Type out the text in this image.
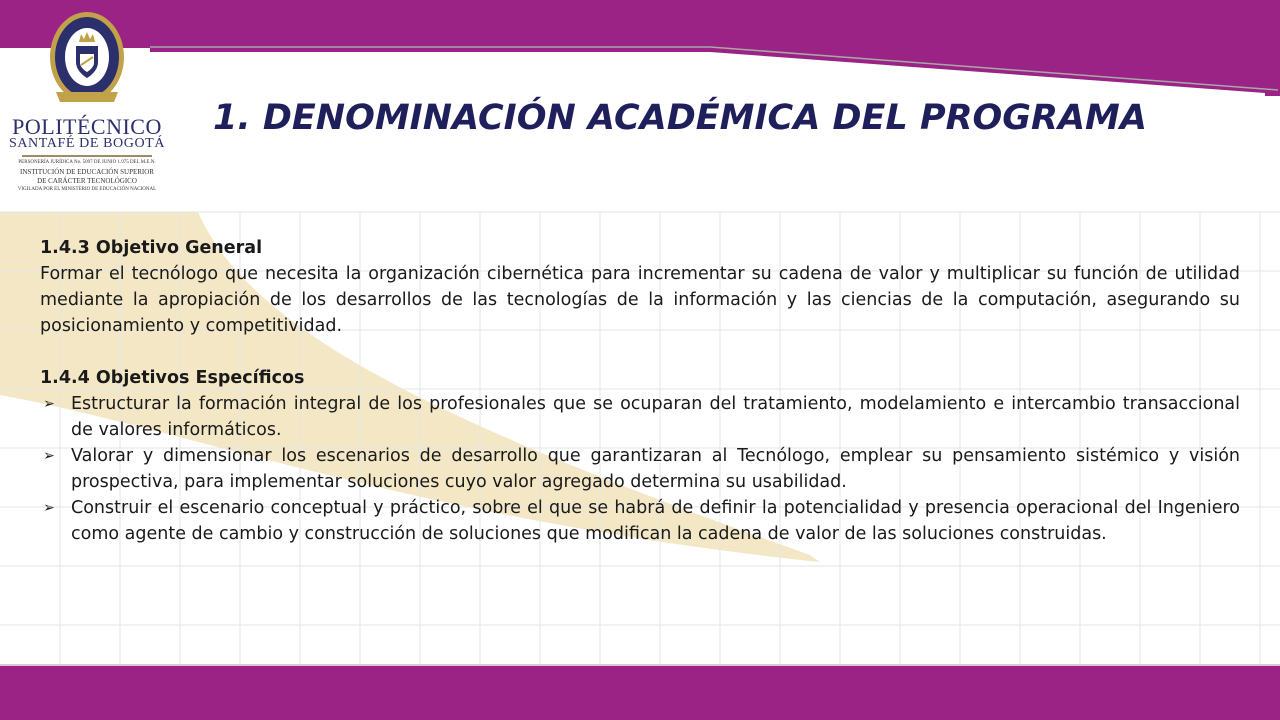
POLITÉCNICO
SANTAFÉ DE BOGOTÁ
PERSONERÍA JURÍDICA No. 5097 DE JUNIO 1.975 DEL M.E.N.
INSTITUCIÓN DE EDUCACIÓN SUPERIOR
DE CARÁCTER TECNOLÓGICO
VIGILADA POR EL MINISTERIO DE EDUCACIÓN NACIONAL
1. DENOMINACIÓN ACADÉMICA DEL PROGRAMA

1.4.3 Objetivo General

Formar el tecnólogo que necesita la organización cibernética para incrementar su cadena de valor y multiplicar su función de utilidad mediante la apropiación de los desarrollos de las tecnologías de la información y las ciencias de la computación, asegurando su posicionamiento y competitividad.

1.4.4 Objetivos Específicos

➢ Estructurar la formación integral de los profesionales que se ocuparan del tratamiento, modelamiento e intercambio transaccional de valores informáticos.
➢ Valorar y dimensionar los escenarios de desarrollo que garantizaran al Tecnólogo, emplear su pensamiento sistémico y visión prospectiva, para implementar soluciones cuyo valor agregado determina su usabilidad.
➢ Construir el escenario conceptual y práctico, sobre el que se habrá de definir la potencialidad y presencia operacional del Ingeniero como agente de cambio y construcción de soluciones que modifican la cadena de valor de las soluciones construidas.
